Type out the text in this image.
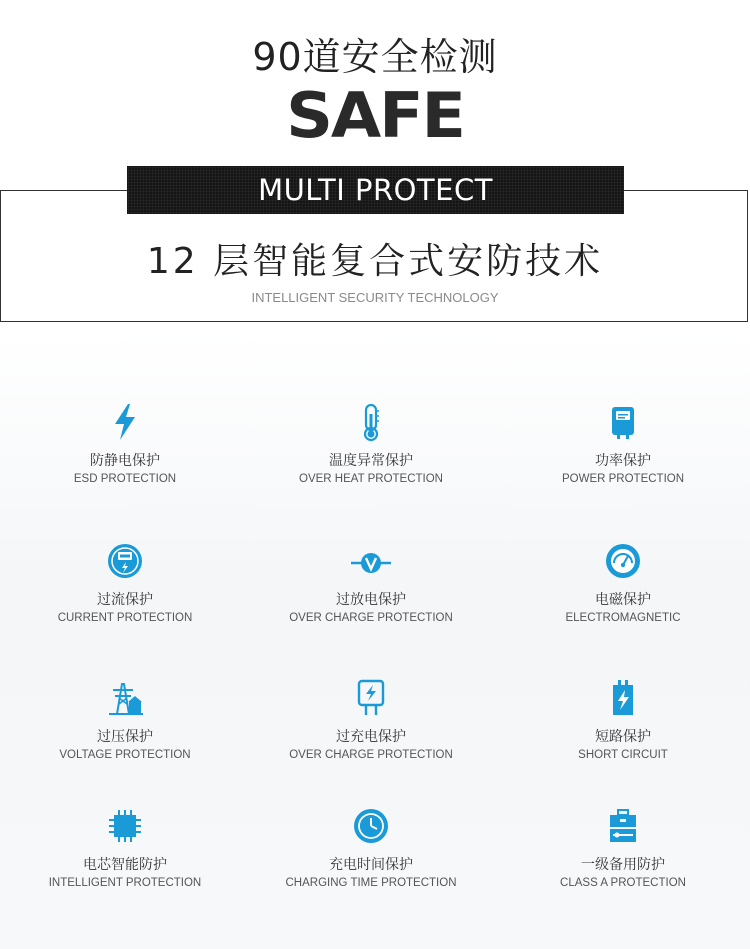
90道安全检测
SAFE
MULTI PROTECT
12 层智能复合式安防技术
INTELLIGENT SECURITY TECHNOLOGY
防静电保护
ESD PROTECTION
温度异常保护
OVER HEAT PROTECTION
功率保护
POWER PROTECTION
过流保护
CURRENT PROTECTION
过放电保护
OVER CHARGE PROTECTION
电磁保护
ELECTROMAGNETIC
过压保护
VOLTAGE PROTECTION
过充电保护
OVER CHARGE PROTECTION
短路保护
SHORT CIRCUIT
电芯智能防护
INTELLIGENT PROTECTION
充电时间保护
CHARGING TIME PROTECTION
一级备用防护
CLASS A PROTECTION
